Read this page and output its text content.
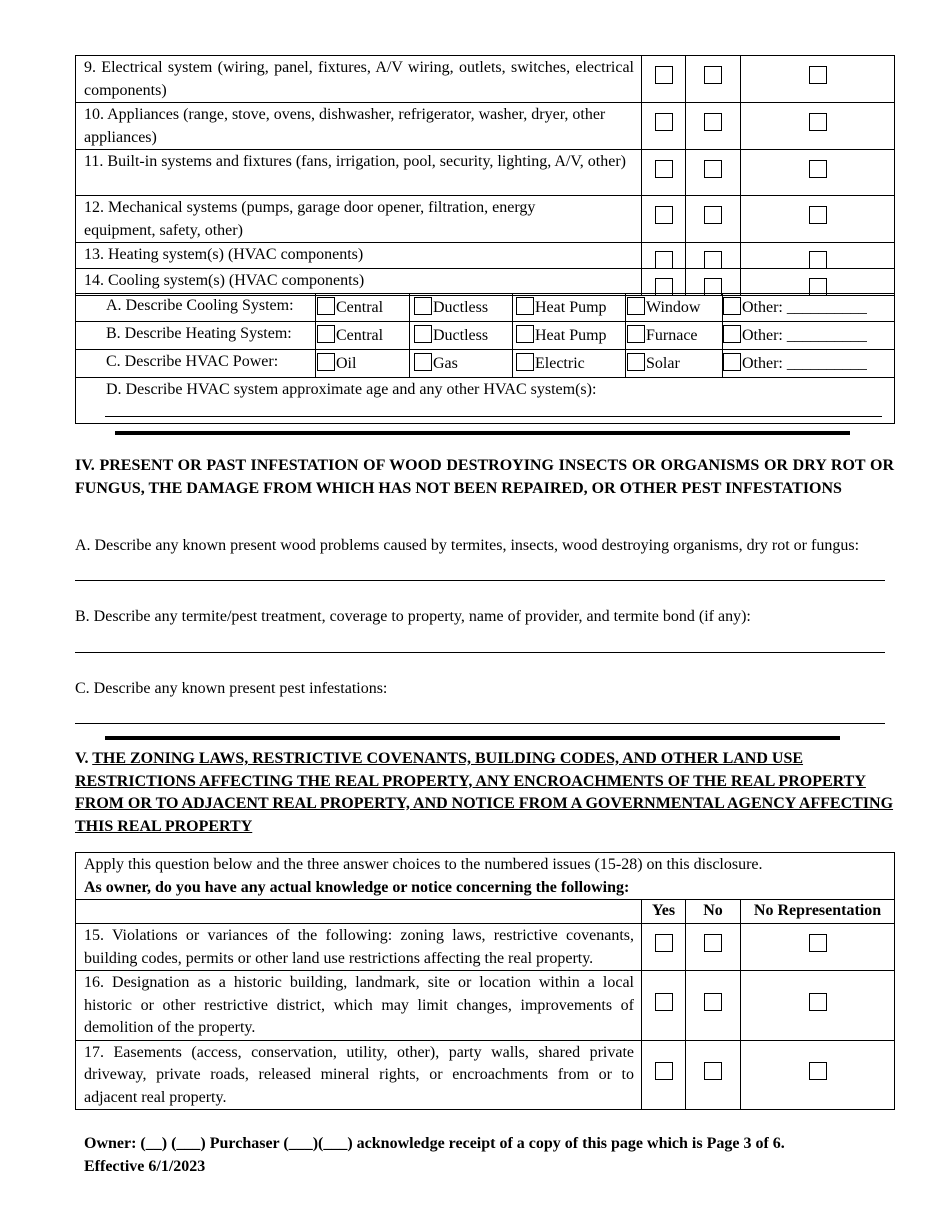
9. Electrical system (wiring, panel, fixtures, A/V wiring, outlets, switches, electrical components)			
10. Appliances (range, stove, ovens, dishwasher, refrigerator, washer, dryer, other appliances)			
11. Built-in systems and fixtures (fans, irrigation, pool, security, lighting, A/V, other)			
12. Mechanical systems (pumps, garage door opener, filtration, energy equipment, safety, other)			
13. Heating system(s) (HVAC components)	

14. Cooling system(s) (HVAC components)	

A. Describe Cooling System:	Central	Ductless	Heat Pump	Window	Other: __________

B. Describe Heating System:	Central	Ductless	Heat Pump	Furnace	Other: __________

C. Describe HVAC Power:	Oil	Gas	Electric	Solar	Other: __________

D. Describe HVAC system approximate age and any other HVAC system(s):					
IV. PRESENT OR PAST INFESTATION OF WOOD DESTROYING INSECTS OR ORGANISMS OR DRY ROT OR FUNGUS, THE DAMAGE FROM WHICH HAS NOT BEEN REPAIRED, OR OTHER PEST INFESTATIONS
A. Describe any known present wood problems caused by termites, insects, wood destroying organisms, dry rot or fungus:
B. Describe any termite/pest treatment, coverage to property, name of provider, and termite bond (if any):
C. Describe any known present pest infestations:
V. THE ZONING LAWS, RESTRICTIVE COVENANTS, BUILDING CODES, AND OTHER LAND USE RESTRICTIONS AFFECTING THE REAL PROPERTY, ANY ENCROACHMENTS OF THE REAL PROPERTY FROM OR TO ADJACENT REAL PROPERTY, AND NOTICE FROM A GOVERNMENTAL AGENCY AFFECTING THIS REAL PROPERTY
Apply this question below and the three answer choices to the numbered issues (15-28) on this disclosure.
As owner, do you have any actual knowledge or notice concerning the following:			

	Yes	No	No Representation
15. Violations or variances of the following: zoning laws, restrictive covenants, building codes, permits or other land use restrictions affecting the real property.			
16. Designation as a historic building, landmark, site or location within a local historic or other restrictive district, which may limit changes, improvements of demolition of the property.			
17. Easements (access, conservation, utility, other), party walls, shared private driveway, private roads, released mineral rights, or encroachments from or to adjacent real property.			
Owner: (__) (___) Purchaser (___)(___) acknowledge receipt of a copy of this page which is Page 3 of 6.
Effective 6/1/2023
